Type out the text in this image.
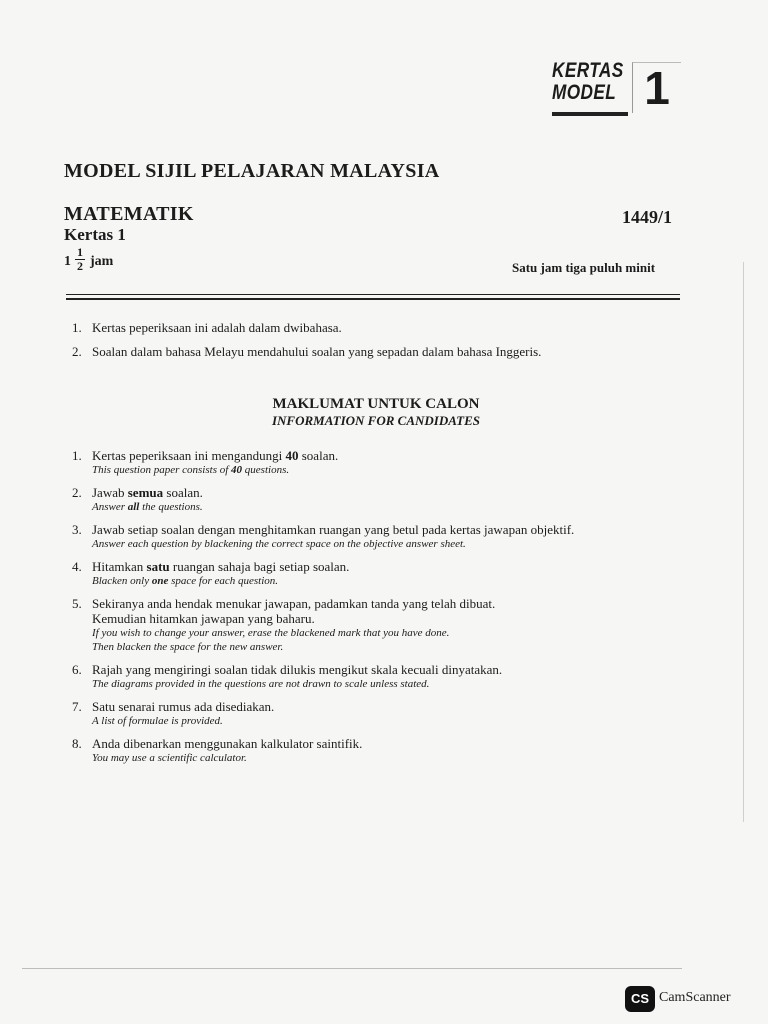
KERTAS
MODEL 1
MODEL SIJIL PELAJARAN MALAYSIA
MATEMATIK	1449/1
Kertas 1
$1 \frac{1}{2}$ jam	Satu jam tiga puluh minit
1. Kertas peperiksaan ini adalah dalam dwibahasa.
2. Soalan dalam bahasa Melayu mendahului soalan yang sepadan dalam bahasa Inggeris.
MAKLUMAT UNTUK CALON
INFORMATION FOR CANDIDATES
1. Kertas peperiksaan ini mengandungi 40 soalan.
This question paper consists of 40 questions.
2. Jawab semua soalan.
Answer all the questions.
3. Jawab setiap soalan dengan menghitamkan ruangan yang betul pada kertas jawapan objektif.
Answer each question by blackening the correct space on the objective answer sheet.
4. Hitamkan satu ruangan sahaja bagi setiap soalan.
Blacken only one space for each question.
5. Sekiranya anda hendak menukar jawapan, padamkan tanda yang telah dibuat.
Kemudian hitamkan jawapan yang baharu.
If you wish to change your answer, erase the blackened mark that you have done.
Then blacken the space for the new answer.
6. Rajah yang mengiringi soalan tidak dilukis mengikut skala kecuali dinyatakan.
The diagrams provided in the questions are not drawn to scale unless stated.
7. Satu senarai rumus ada disediakan.
A list of formulae is provided.
8. Anda dibenarkan menggunakan kalkulator saintifik.
You may use a scientific calculator.
CS CamScanner
